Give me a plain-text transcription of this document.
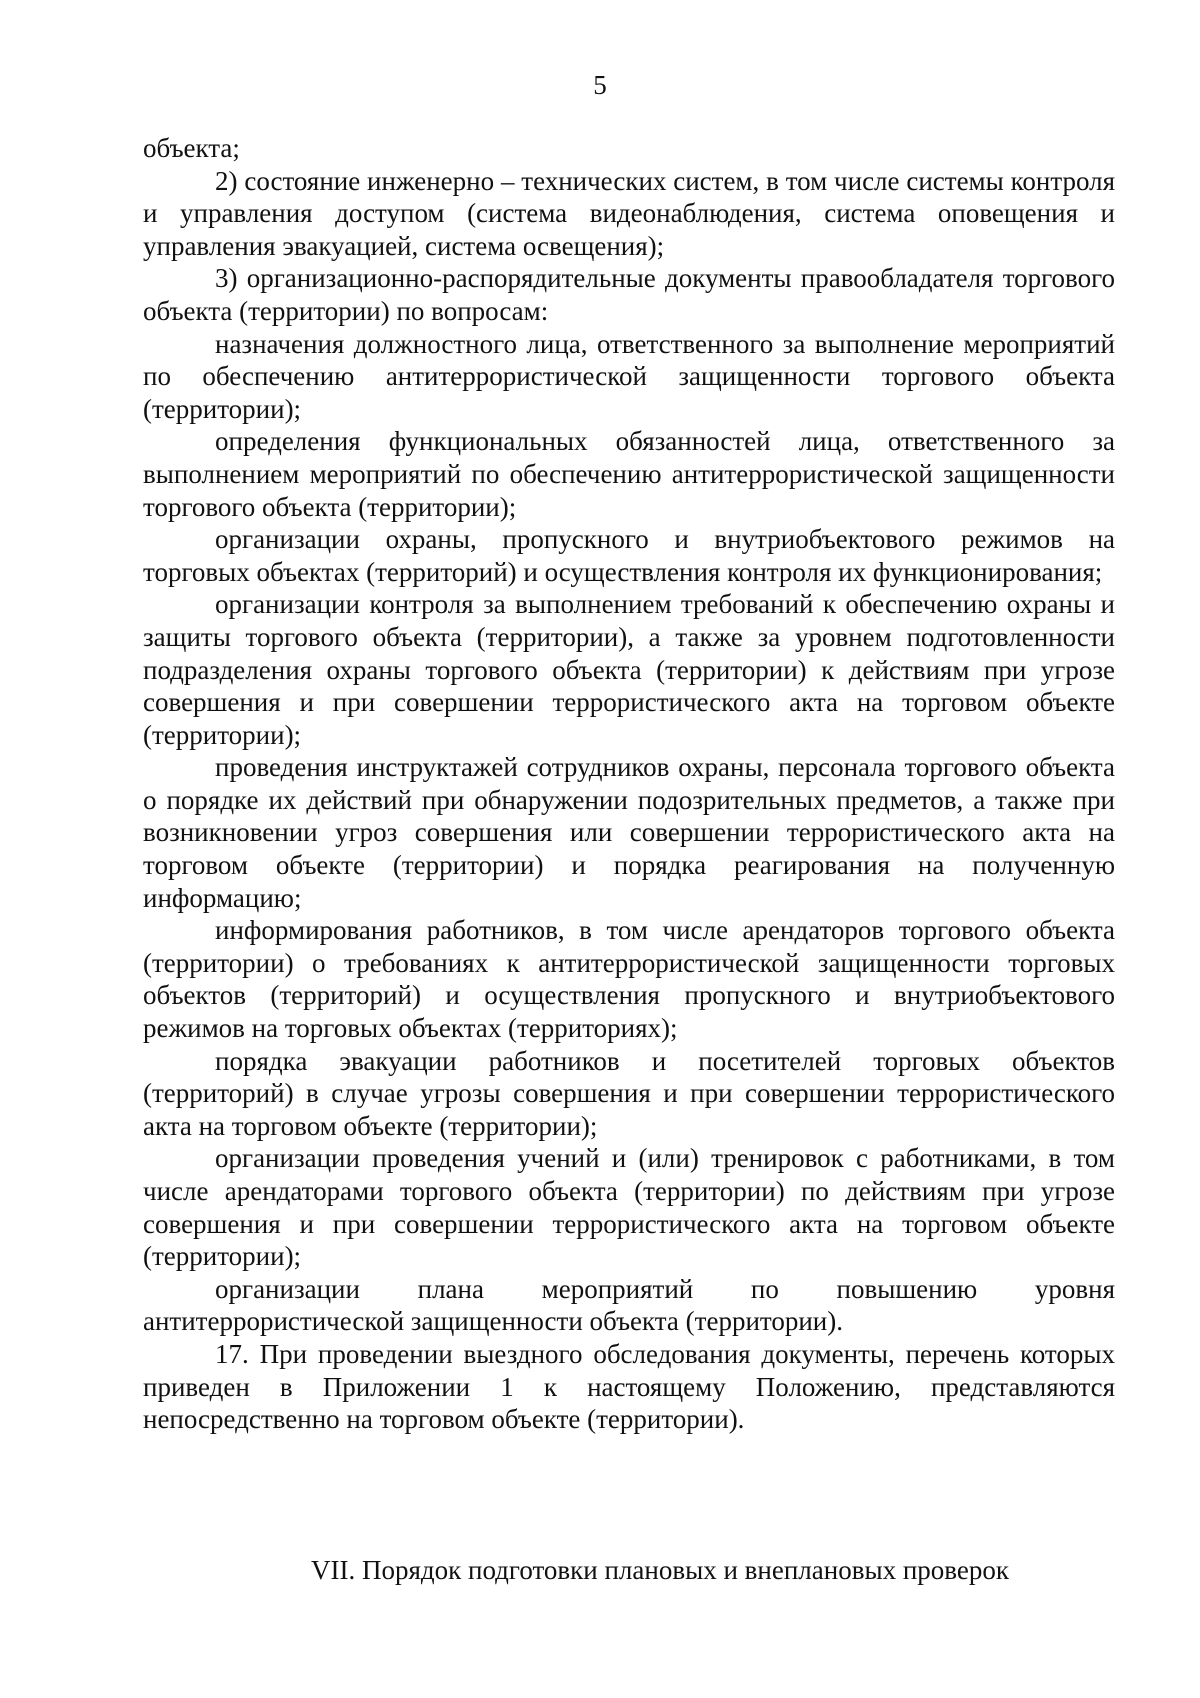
5

объекта;

2) состояние инженерно – технических систем, в том числе системы контроля и управления доступом (система видеонаблюдения, система оповещения и управления эвакуацией, система освещения);

3) организационно-распорядительные документы правообладателя торгового объекта (территории) по вопросам:

назначения должностного лица, ответственного за выполнение мероприятий по обеспечению антитеррористической защищенности торгового объекта (территории);

определения функциональных обязанностей лица, ответственного за выполнением мероприятий по обеспечению антитеррористической защищенности торгового объекта (территории);

организации охраны, пропускного и внутриобъектового режимов на торговых объектах (территорий) и осуществления контроля их функционирования;

организации контроля за выполнением требований к обеспечению охраны и защиты торгового объекта (территории), а также за уровнем подготовленности подразделения охраны торгового объекта (территории) к действиям при угрозе совершения и при совершении террористического акта на торговом объекте (территории);

проведения инструктажей сотрудников охраны, персонала торгового объекта о порядке их действий при обнаружении подозрительных предметов, а также при возникновении угроз совершения или совершении террористического акта на торговом объекте (территории) и порядка реагирования на полученную информацию;

информирования работников, в том числе арендаторов торгового объекта (территории) о требованиях к антитеррористической защищенности торговых объектов (территорий) и осуществления пропускного и внутриобъектового режимов на торговых объектах (территориях);

порядка эвакуации работников и посетителей торговых объектов (территорий) в случае угрозы совершения и при совершении террористического акта на торговом объекте (территории);

организации проведения учений и (или) тренировок с работниками, в том числе арендаторами торгового объекта (территории) по действиям при угрозе совершения и при совершении террористического акта на торговом объекте (территории);

организации плана мероприятий по повышению уровня антитеррористической защищенности объекта (территории).

17. При проведении выездного обследования документы, перечень которых приведен в Приложении 1 к настоящему Положению, представляются непосредственно на торговом объекте (территории).

VII. Порядок подготовки плановых и внеплановых проверок
